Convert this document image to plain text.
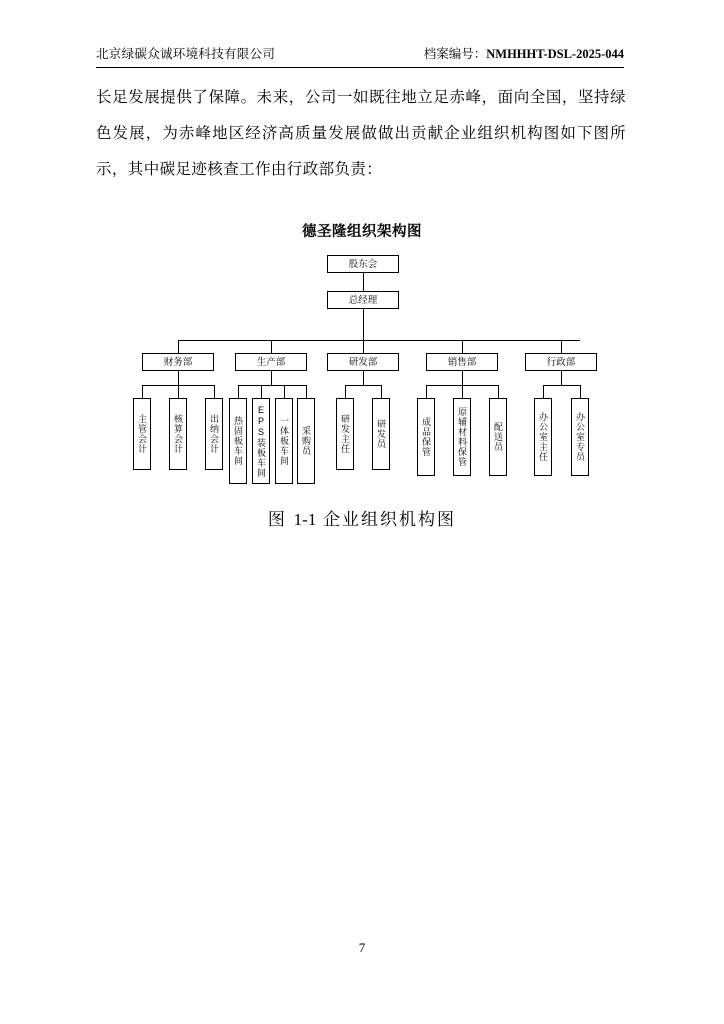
北京绿碳众诚环境科技有限公司	档案编号：NMHHHT-DSL-2025-044
长足发展提供了保障。未来，公司一如既往地立足赤峰，面向全国，坚持绿色发展，为赤峰地区经济高质量发展做做出贡献企业组织机构图如下图所示，其中碳足迹核查工作由行政部负责：
德圣隆组织架构图
股东会
总经理
财务部	生产部	研发部	销售部	行政部
主管会计	核算会计	出纳会计	热固板车间	EPS装板车间	一体板车间	采购员	研发主任	研发员	成品保管	原辅材料保管	配送员	办公室主任	办公室专员
图 1-1 企业组织机构图
7
